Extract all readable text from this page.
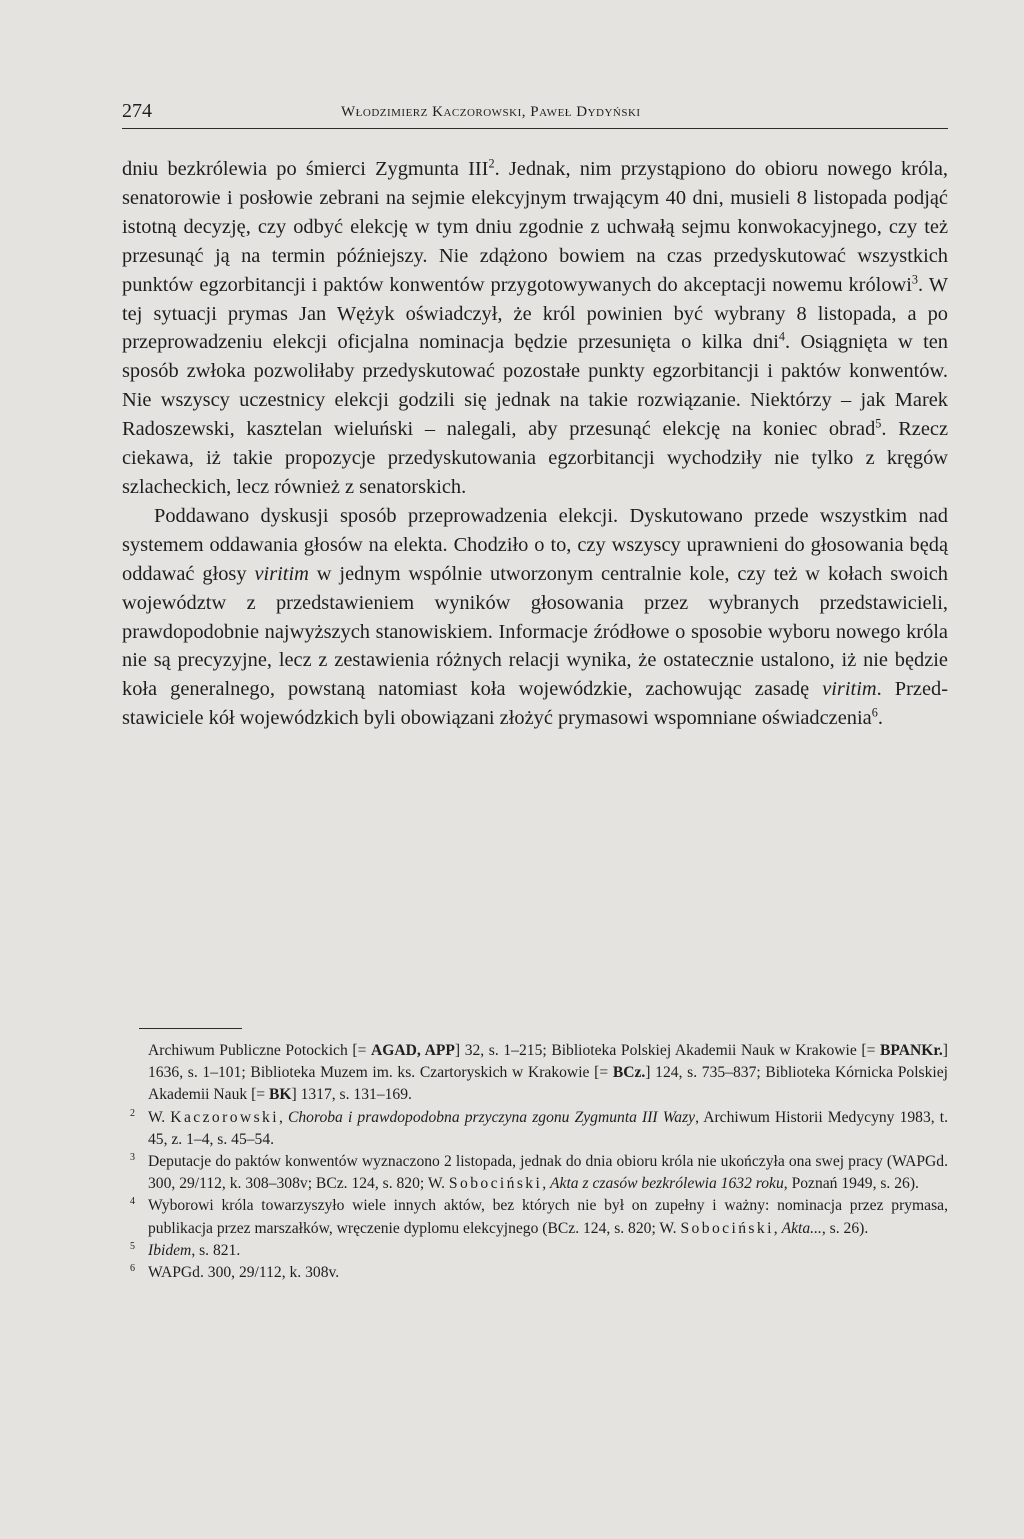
274	Włodzimierz Kaczorowski, Paweł Dydyński

dniu bezkrólewia po śmierci Zygmunta III$^2$. Jednak, nim przystąpiono do obioru nowego króla, senatorowie i posłowie zebrani na sejmie elekcyjnym trwającym 40 dni, musieli 8 listopada podjąć istotną decyzję, czy odbyć elekcję w tym dniu zgodnie z uchwałą sejmu konwokacyjnego, czy też przesunąć ją na termin późniejszy. Nie zdążono bowiem na czas przedyskutować wszystkich punktów egzorbitancji i paktów konwentów przygotowywanych do akceptacji nowemu królowi$^3$. W tej sytuacji prymas Jan Wężyk oświadczył, że król powinien być wybrany 8 listopada, a po przeprowadzeniu elekcji oficjalna nominacja będzie przesunięta o kilka dni$^4$. Osiągnięta w ten sposób zwłoka pozwoliłaby przedyskutować pozostałe punkty egzorbitancji i paktów konwentów. Nie wszyscy uczestnicy elekcji godzili się jednak na takie rozwiązanie. Niektórzy – jak Marek Radoszewski, kasztelan wieluński – nalegali, aby przesunąć elekcję na koniec obrad$^5$. Rzecz ciekawa, iż takie propozycje przedyskutowania egzorbitancji wychodziły nie tylko z kręgów szlacheckich, lecz również z senatorskich.

Poddawano dyskusji sposób przeprowadzenia elekcji. Dyskutowano przede wszystkim nad systemem oddawania głosów na elekta. Chodziło o to, czy wszyscy uprawnieni do głosowania będą oddawać głosy viritim w jednym wspólnie utworzonym centralnie kole, czy też w kołach swoich województw z przedstawieniem wyników głosowania przez wybranych przedstawicieli, prawdopodobnie najwyższych stanowiskiem. Informacje źródłowe o sposobie wyboru nowego króla nie są precyzyjne, lecz z zestawienia różnych relacji wynika, że ostatecznie ustalono, iż nie będzie koła generalnego, powstaną natomiast koła wojewódzkie, zachowując zasadę viritim. Przedstawiciele kół wojewódzkich byli obowiązani złożyć prymasowi wspomniane oświadczenia$^6$.

Archiwum Publiczne Potockich [= AGAD, APP] 32, s. 1–215; Biblioteka Polskiej Akademii Nauk w Krakowie [= BPANKr.] 1636, s. 1–101; Biblioteka Muzem im. ks. Czartoryskich w Krakowie [= BCz.] 124, s. 735–837; Biblioteka Kórnicka Polskiej Akademii Nauk [= BK] 1317, s. 131–169.
2 W. Kaczorowski, Choroba i prawdopodobna przyczyna zgonu Zygmunta III Wazy, Archiwum Historii Medycyny 1983, t. 45, z. 1–4, s. 45–54.
3 Deputacje do paktów konwentów wyznaczono 2 listopada, jednak do dnia obioru króla nie ukończyła ona swej pracy (WAPGd. 300, 29/112, k. 308–308v; BCz. 124, s. 820; W. Sobociński, Akta z czasów bezkrólewia 1632 roku, Poznań 1949, s. 26).
4 Wyborowi króla towarzyszyło wiele innych aktów, bez których nie był on zupełny i ważny: nominacja przez prymasa, publikacja przez marszałków, wręczenie dyplomu elekcyjnego (BCz. 124, s. 820; W. Sobociński, Akta..., s. 26).
5 Ibidem, s. 821.
6 WAPGd. 300, 29/112, k. 308v.
